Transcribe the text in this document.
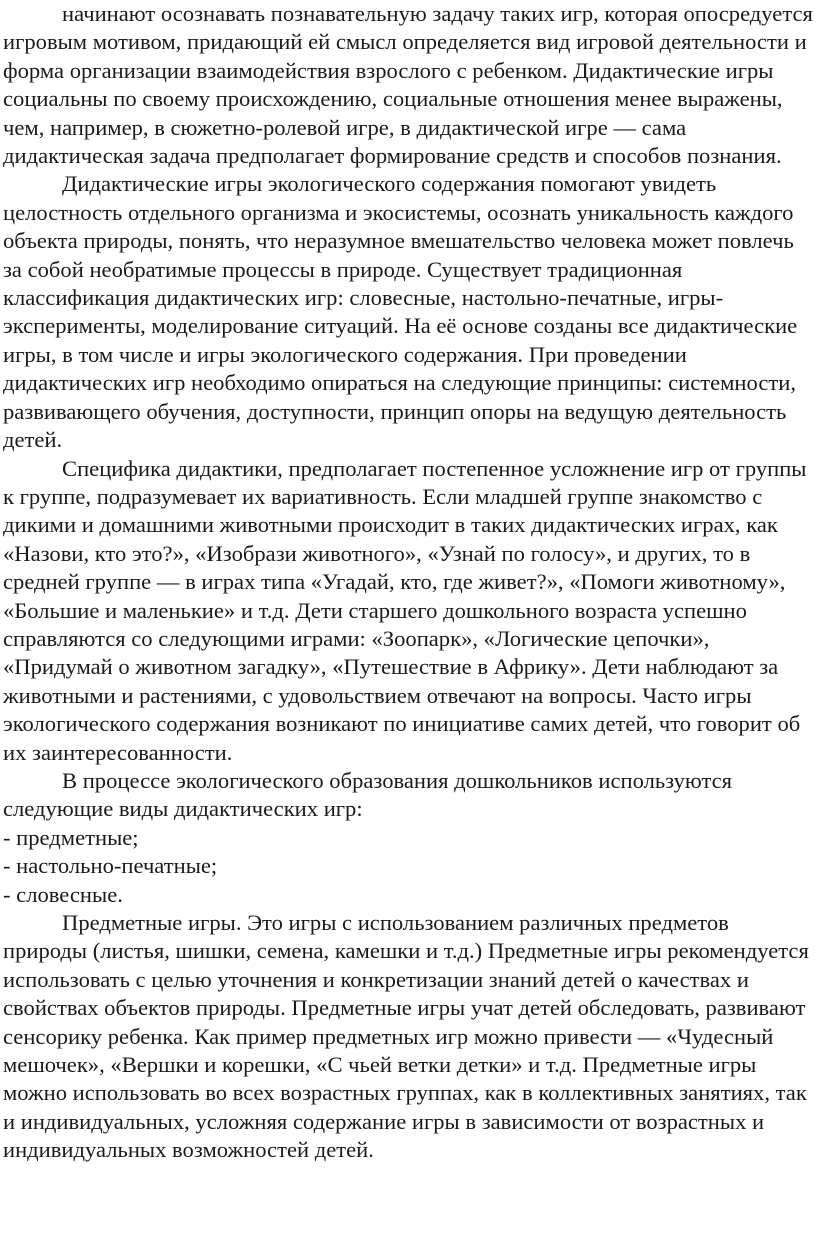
начинают осознавать познавательную задачу таких игр, которая опосредуется игровым мотивом, придающий ей смысл определяется вид игровой деятельности и форма организации взаимодействия взрослого с ребенком. Дидактические игры социальны по своему происхождению, социальные отношения менее выражены, чем, например, в сюжетно-ролевой игре, в дидактической игре — сама дидактическая задача предполагает формирование средств и способов познания.

Дидактические игры экологического содержания помогают увидеть целостность отдельного организма и экосистемы, осознать уникальность каждого объекта природы, понять, что неразумное вмешательство человека может повлечь за собой необратимые процессы в природе. Существует традиционная классификация дидактических игр: словесные, настольно-печатные, игры-эксперименты, моделирование ситуаций. На её основе созданы все дидактические игры, в том числе и игры экологического содержания. При проведении дидактических игр необходимо опираться на следующие принципы: системности, развивающего обучения, доступности, принцип опоры на ведущую деятельность детей.

Специфика дидактики, предполагает постепенное усложнение игр от группы к группе, подразумевает их вариативность. Если младшей группе знакомство с дикими и домашними животными происходит в таких дидактических играх, как «Назови, кто это?», «Изобрази животного», «Узнай по голосу», и других, то в средней группе — в играх типа «Угадай, кто, где живет?», «Помоги животному», «Большие и маленькие» и т.д. Дети старшего дошкольного возраста успешно справляются со следующими играми: «Зоопарк», «Логические цепочки», «Придумай о животном загадку», «Путешествие в Африку». Дети наблюдают за животными и растениями, с удовольствием отвечают на вопросы. Часто игры экологического содержания возникают по инициативе самих детей, что говорит об их заинтересованности.

В процессе экологического образования дошкольников используются следующие виды дидактических игр:

- предметные;
- настольно-печатные;
- словесные.

Предметные игры. Это игры с использованием различных предметов природы (листья, шишки, семена, камешки и т.д.) Предметные игры рекомендуется использовать с целью уточнения и конкретизации знаний детей о качествах и свойствах объектов природы. Предметные игры учат детей обследовать, развивают сенсорику ребенка. Как пример предметных игр можно привести — «Чудесный мешочек», «Вершки и корешки, «С чьей ветки детки» и т.д. Предметные игры можно использовать во всех возрастных группах, как в коллективных занятиях, так и индивидуальных, усложняя содержание игры в зависимости от возрастных и индивидуальных возможностей детей.
